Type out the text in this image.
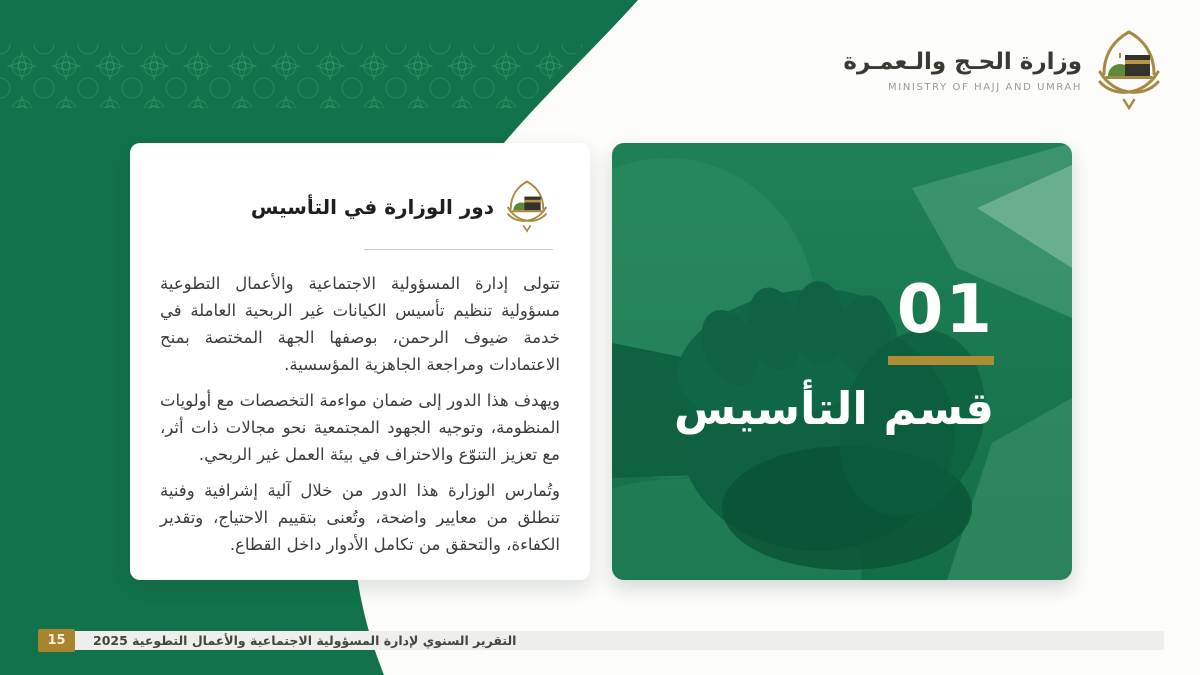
وزارة الحـج والـعمـرة
MINISTRY OF HAJJ AND UMRAH
دور الوزارة في التأسيس

تتولى إدارة المسؤولية الاجتماعية والأعمال التطوعية مسؤولية تنظيم تأسيس الكيانات غير الربحية العاملة في خدمة ضيوف الرحمن، بوصفها الجهة المختصة بمنح الاعتمادات ومراجعة الجاهزية المؤسسية.

ويهدف هذا الدور إلى ضمان مواءمة التخصصات مع أولويات المنظومة، وتوجيه الجهود المجتمعية نحو مجالات ذات أثر، مع تعزيز التنوّع والاحتراف في بيئة العمل غير الربحي.

وتُمارس الوزارة هذا الدور من خلال آلية إشرافية وفنية تنطلق من معايير واضحة، وتُعنى بتقييم الاحتياج، وتقدير الكفاءة، والتحقق من تكامل الأدوار داخل القطاع.

01
قسم التأسيس
التقرير السنوي لإدارة المسؤولية الاجتماعية والأعمال التطوعية 2025
15
